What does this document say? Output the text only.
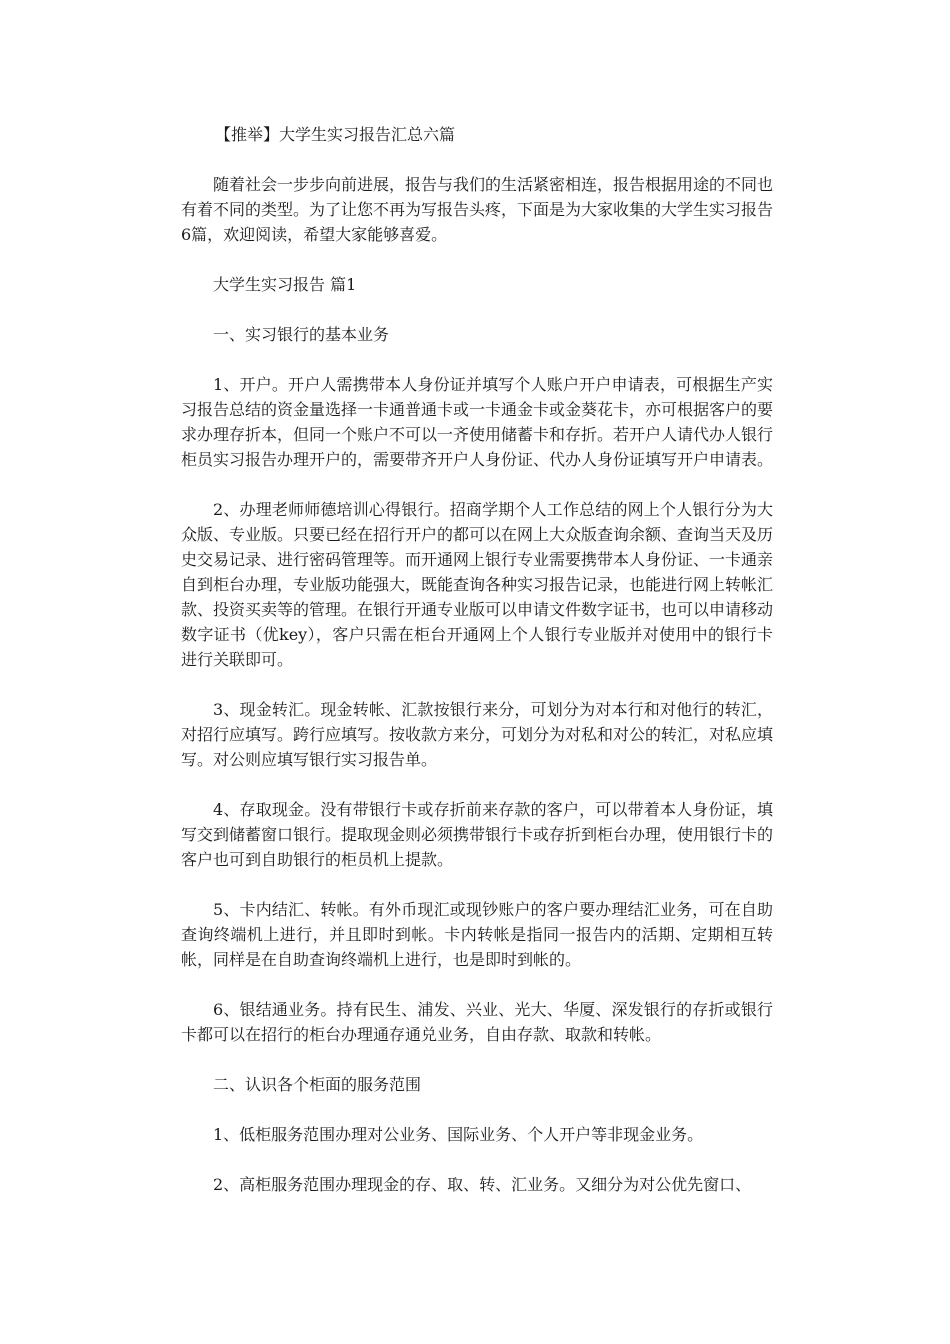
【推举】大学生实习报告汇总六篇

随着社会一步步向前进展，报告与我们的生活紧密相连，报告根据用途的不同也有着不同的类型。为了让您不再为写报告头疼，下面是为大家收集的大学生实习报告6篇，欢迎阅读，希望大家能够喜爱。

大学生实习报告 篇1

一、实习银行的基本业务

1、开户。开户人需携带本人身份证并填写个人账户开户申请表，可根据生产实习报告总结的资金量选择一卡通普通卡或一卡通金卡或金葵花卡，亦可根据客户的要求办理存折本，但同一个账户不可以一齐使用储蓄卡和存折。若开户人请代办人银行柜员实习报告办理开户的，需要带齐开户人身份证、代办人身份证填写开户申请表。

2、办理老师师德培训心得银行。招商学期个人工作总结的网上个人银行分为大众版、专业版。只要已经在招行开户的都可以在网上大众版查询余额、查询当天及历史交易记录、进行密码管理等。而开通网上银行专业需要携带本人身份证、一卡通亲自到柜台办理，专业版功能强大，既能查询各种实习报告记录，也能进行网上转帐汇款、投资买卖等的管理。在银行开通专业版可以申请文件数字证书，也可以申请移动数字证书（优key），客户只需在柜台开通网上个人银行专业版并对使用中的银行卡进行关联即可。

3、现金转汇。现金转帐、汇款按银行来分，可划分为对本行和对他行的转汇，对招行应填写。跨行应填写。按收款方来分，可划分为对私和对公的转汇，对私应填写。对公则应填写银行实习报告单。

4、存取现金。没有带银行卡或存折前来存款的客户，可以带着本人身份证，填写交到储蓄窗口银行。提取现金则必须携带银行卡或存折到柜台办理，使用银行卡的客户也可到自助银行的柜员机上提款。

5、卡内结汇、转帐。有外币现汇或现钞账户的客户要办理结汇业务，可在自助查询终端机上进行，并且即时到帐。卡内转帐是指同一报告内的活期、定期相互转帐，同样是在自助查询终端机上进行，也是即时到帐的。

6、银结通业务。持有民生、浦发、兴业、光大、华厦、深发银行的存折或银行卡都可以在招行的柜台办理通存通兑业务，自由存款、取款和转帐。

二、认识各个柜面的服务范围

1、低柜服务范围办理对公业务、国际业务、个人开户等非现金业务。

2、高柜服务范围办理现金的存、取、转、汇业务。又细分为对公优先窗口、
